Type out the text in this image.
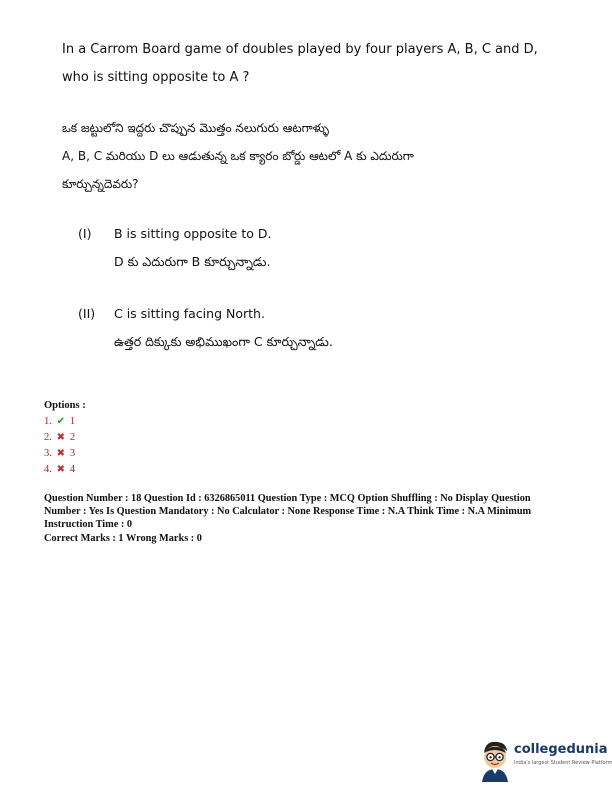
In a Carrom Board game of doubles played by four players A, B, C and D,
who is sitting opposite to A ?
ఒక జట్టులోని ఇద్దరు చొప్పున మొత్తం నలుగురు ఆటగాళ్ళు
A, B, C మరియు D లు ఆడుతున్న ఒక క్యారం బోర్డు ఆటలో A కు ఎదురుగా
కూర్చున్నదెవరు?
(I) B is sitting opposite to D.
D కు ఎదురుగా B కూర్చున్నాడు.
(II) C is sitting facing North.
ఉత్తర దిక్కుకు అభిముఖంగా C కూర్చున్నాడు.
Options :
1. ✔ 1
2. ✖ 2
3. ✖ 3
4. ✖ 4
Question Number : 18 Question Id : 6326865011 Question Type : MCQ Option Shuffling : No Display Question Number : Yes Is Question Mandatory : No Calculator : None Response Time : N.A Think Time : N.A Minimum Instruction Time : 0
Correct Marks : 1 Wrong Marks : 0
collegedunia
India's largest Student Review Platform
